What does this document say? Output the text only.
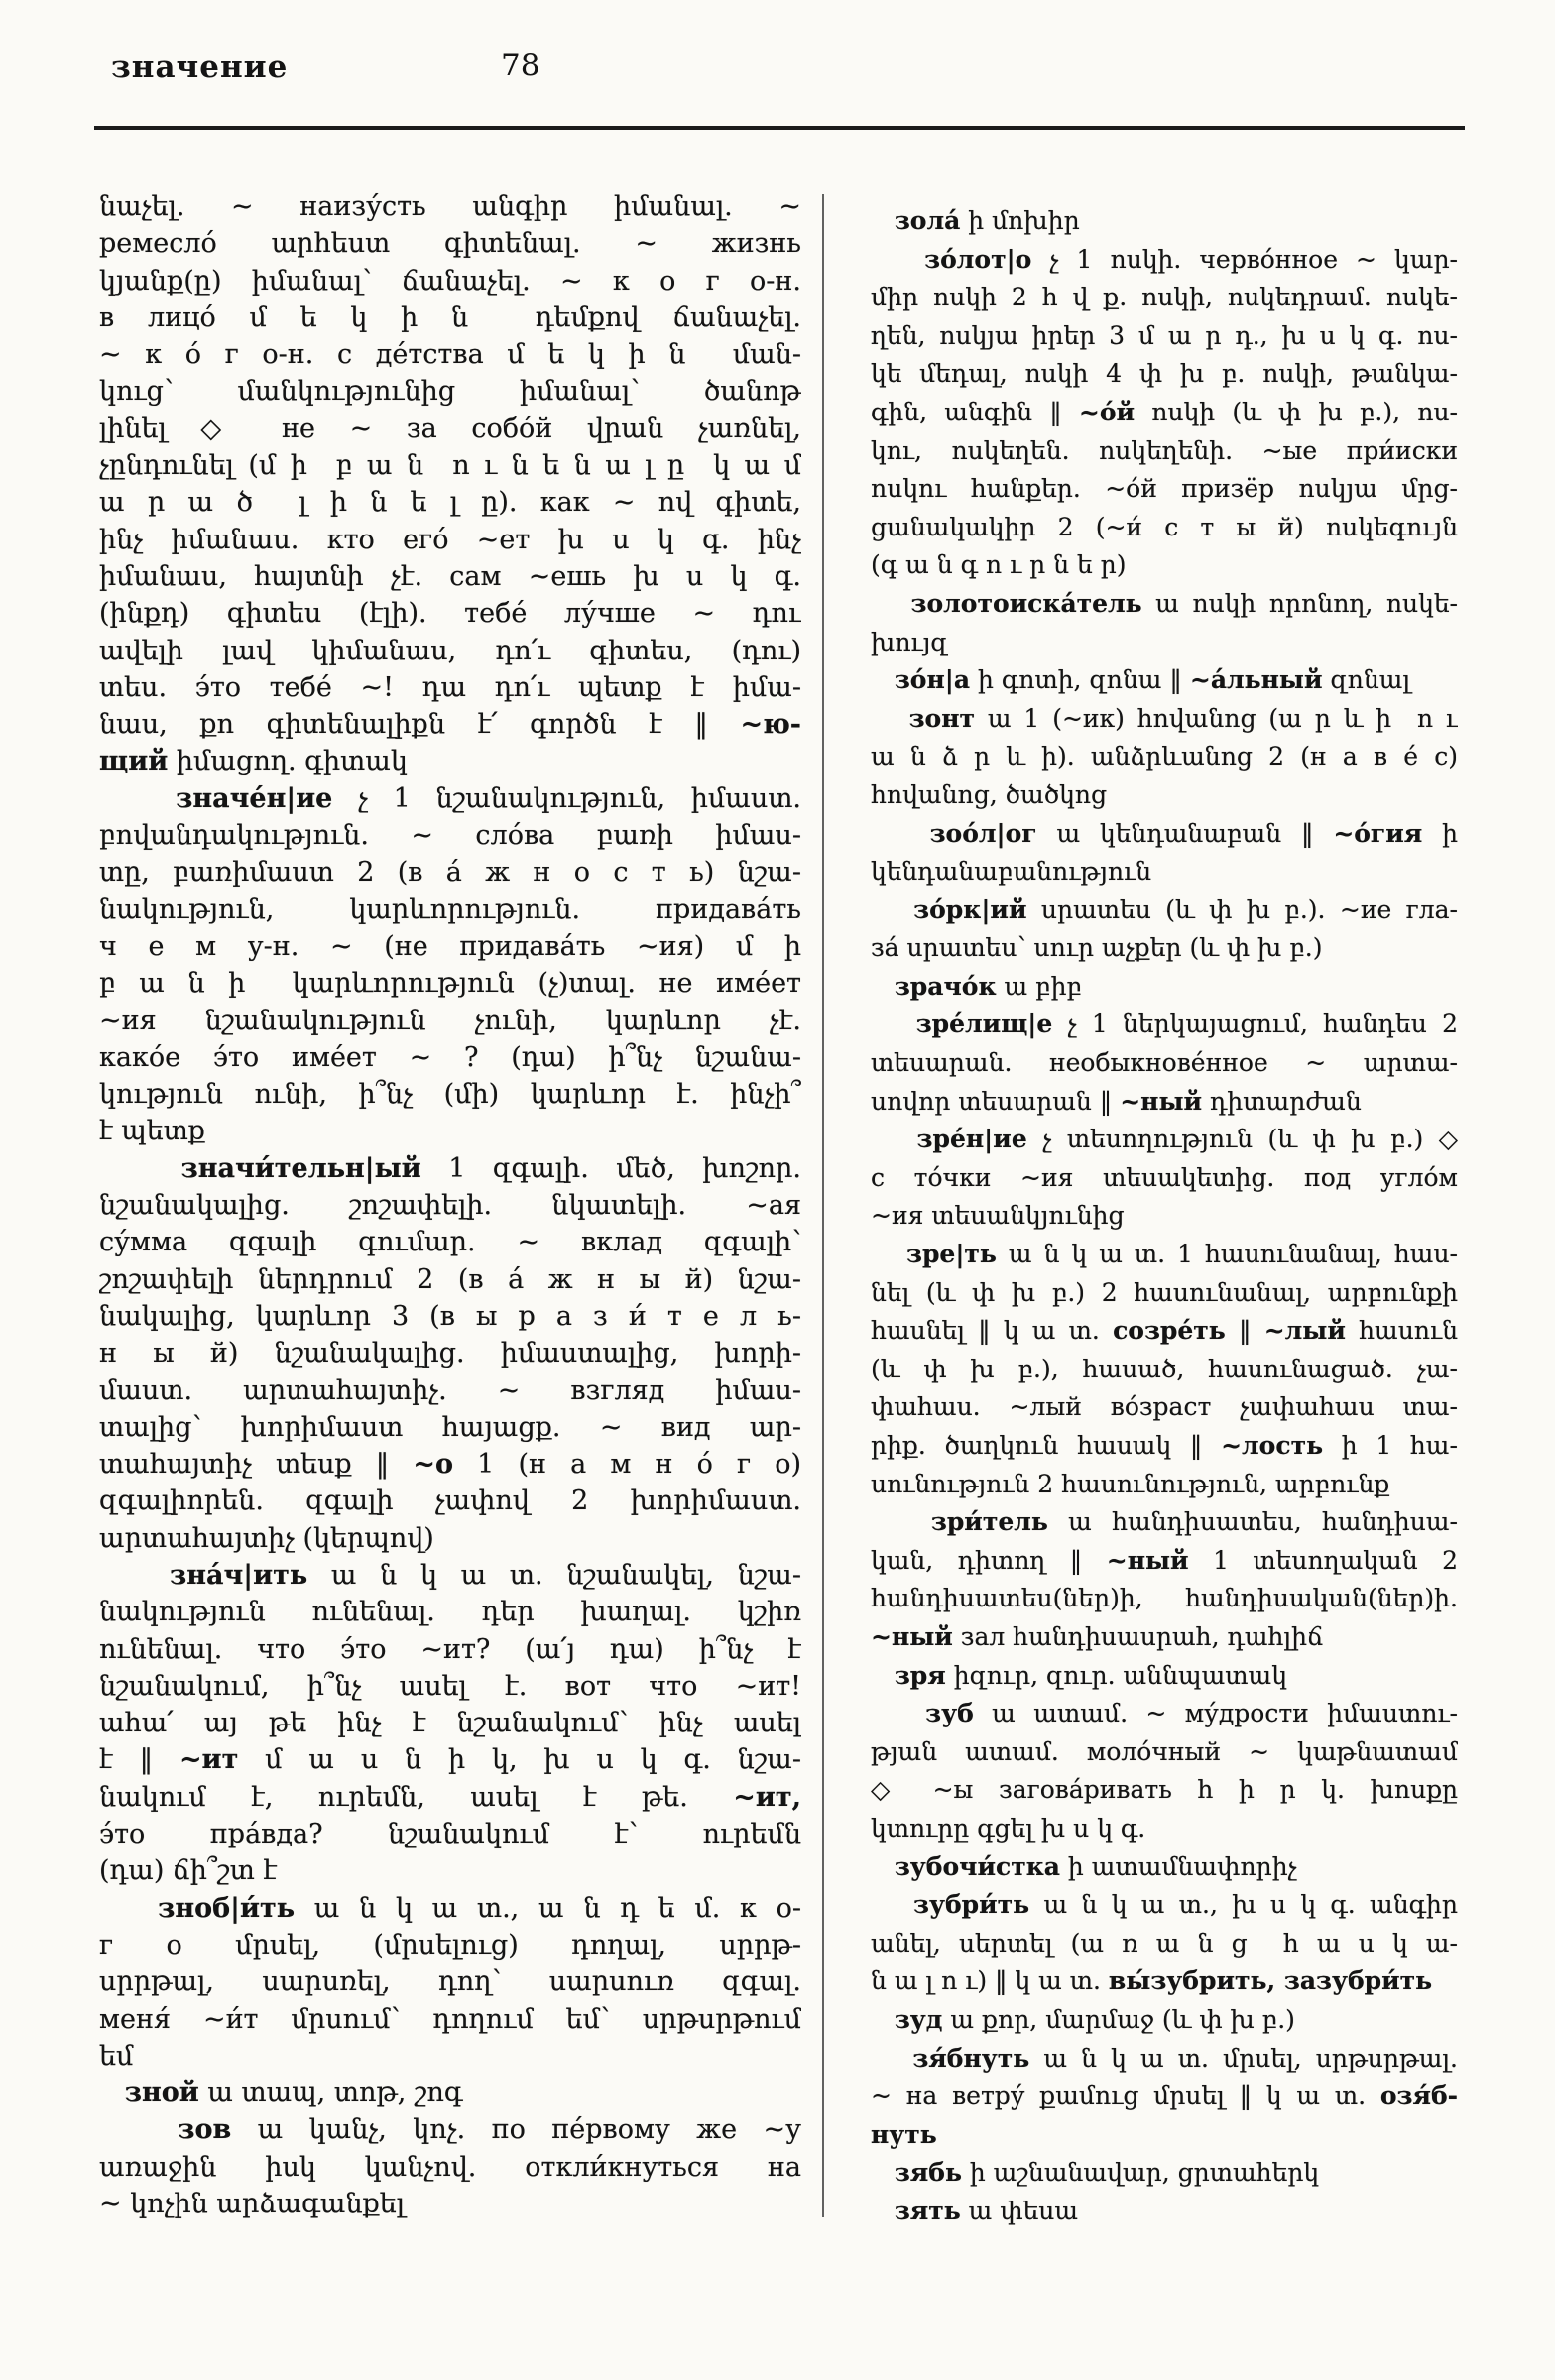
значение	78
նաչել. ~ наизу́сть անգիր իմանալ. ~
ремесло́ արհեստ գիտենալ. ~ жизнь
կյանք(ը) իմանալ՝ ճանաչել. ~ к о г о-н.
в лицо́ մ ե կ ի ն  դեմքով ճանաչել.
~ к о́ г о-н. с де́тства մ ե կ ի ն  ման-
կուց՝ մանկությունից իմանալ՝ ծանոթ
լինել ◇ не ~ за собо́й վրան չառնել,
չընդունել (մ ի  բ ա ն  ո ւ ն ե ն ա լ ը  կ ա մ
ա ր ա ծ  լ ի ն ե լ ը). как ~ ով գիտե,
ինչ իմանաս. кто его́ ~ет խ ս կ գ. ինչ
իմանաս, հայտնի չէ. сам ~ешь խ ս կ գ.
(ինքդ) գիտես (էլի). тебе́ лу́чше ~ դու
ավելի լավ կիմանաս, դո՛ւ գիտես, (դու)
տես. э́то тебе́ ~! դա դո՛ւ պետք է իմա-
նաս, քո գիտենալիքն է՛ գործն է ‖ ~ю-
щий իմացող. գիտակ
значе́н|ие չ 1 նշանակություն, իմաստ.
բովանդակություն. ~ сло́ва բառի իմաս-
տը, բառիմաստ 2 (в а́ ж н о с т ь) նշա-
նակություն, կարևորություն. придава́ть
ч е м у-н. ~ (не придава́ть ~ия) մ ի
բ ա ն ի  կարևորություն (չ)տալ. не име́ет
~ия նշանակություն չունի, կարևոր չէ.
како́е э́то име́ет ~ ? (դա) ի՞նչ նշանա-
կություն ունի, ի՞նչ (մի) կարևոր է. ինչի՞
է պետք
значи́тельн|ый 1 զգալի. մեծ, խոշոր.
նշանակալից. շոշափելի. նկատելի. ~ая
су́мма զգալի գումար. ~ вклад զգալի՝
շոշափելի ներդրում 2 (в а́ ж н ы й) նշա-
նակալից, կարևոր 3 (в ы р а з и́ т е л ь-
н ы й) նշանակալից. իմաստալից, խորի-
մաստ. արտահայտիչ. ~ взгляд իմաս-
տալից՝ խորիմաստ հայացք. ~ вид ար-
տահայտիչ տեսք ‖ ~о 1 (н а м н о́ г о)
զգալիորեն. զգալի չափով 2 խորիմաստ.
արտահայտիչ (կերպով)
зна́ч|ить ա ն կ ա տ. նշանակել, նշա-
նակություն ունենալ. դեր խաղալ. կշիռ
ունենալ. что э́то ~ит? (ա՛յ դա) ի՞նչ է
նշանակում, ի՞նչ ասել է. вот что ~ит!
ահա՛ այ թե ինչ է նշանակում՝ ինչ ասել
է ‖ ~ит մ ա ս ն ի կ, խ ս կ գ. նշա-
նակում է, ուրեմն, ասել է թե. ~ит,
э́то пра́вда? նշանակում է՝ ուրեմն
(դա) ճի՞շտ է
зноб|и́ть ա ն կ ա տ., ա ն դ ե մ. к о-
г о մրսել, (մրսելուց) դողալ, սրրթ-
սրրթալ, սարսռել, դող՝ սարսուռ զգալ.
меня́ ~и́т մրսում՝ դողում եմ՝ սրթսրթում
եմ
зной ա տապ, տոթ, շոգ
зов ա կանչ, կոչ. по пе́рвому же ~у
առաջին իսկ կանչով. откли́кнуться на
~ կոչին արձագանքել
зола́ ի մոխիր
зо́лот|о չ 1 ոսկի. черво́нное ~ կար-
միր ոսկի 2 հ վ ք. ոսկի, ոսկեդրամ. ոսկե-
ղեն, ոսկյա իրեր 3 մ ա ր դ., խ ս կ գ. ոս-
կե մեդալ, ոսկի 4 փ խ բ. ոսկի, թանկա-
գին, անգին ‖ ~о́й ոսկի (և փ խ բ.), ոս-
կու, ոսկեղեն. ոսկեղենի. ~ые при́иски
ոսկու հանքեր. ~о́й призёр ոսկյա մրց-
ցանակակիր 2 (~и́ с т ы й) ոսկեգույն
(գ ա ն գ ո ւ ր ն ե ր)
золотоиска́тель ա ոսկի որոնող, ոսկե-
խույզ
зо́н|а ի գոտի, զոնա ‖ ~а́льный զոնալ
зонт ա 1 (~ик) հովանոց (ա ր և ի  ո ւ
ա ն ձ ր և ի). անձրևանոց 2 (н а в е́ с)
հովանոց, ծածկոց
зоо́л|ог ա կենդանաբան ‖ ~о́гия ի
կենդանաբանություն
зо́рк|ий սրատես (և փ խ բ.). ~ие гла-
за́ սրատես՝ սուր աչքեր (և փ խ բ.)
зрачо́к ա բիբ
зре́лищ|е չ 1 ներկայացում, հանդես 2
տեսարան. необыкнове́нное ~ արտա-
սովոր տեսարան ‖ ~ный դիտարժան
зре́н|ие չ տեսողություն (և փ խ բ.) ◇
с то́чки ~ия տեսակետից. под угло́м
~ия տեսանկյունից
зре|ть ա ն կ ա տ. 1 հասունանալ, հաս-
նել (և փ խ բ.) 2 հասունանալ, արբունքի
հասնել ‖ կ ա տ. созре́ть ‖ ~лый հասուն
(և փ խ բ.), հասած, հասունացած. չա-
փահաս. ~лый во́зраст չափահաս տա-
րիք. ծաղկուն հասակ ‖ ~лость ի 1 հա-
սունություն 2 հասունություն, արբունք
зри́тель ա հանդիսատես, հանդիսա-
կան, դիտող ‖ ~ный 1 տեսողական 2
հանդիսատես(ներ)ի, հանդիսական(ներ)ի.
~ный зал հանդիսասրահ, դահլիճ
зря իզուր, զուր. աննպատակ
зуб ա ատամ. ~ му́дрости իմաստու-
թյան ատամ. моло́чный ~ կաթնատամ
◇ ~ы загова́ривать հ ի ր կ. խոսքը
կտուրը գցել խ ս կ գ.
зубочи́стка ի ատամնափորիչ
зубри́ть ա ն կ ա տ., խ ս կ գ. անգիր
անել, սերտել (ա ռ ա ն ց  հ ա ս կ ա-
ն ա լ ո ւ) ‖ կ ա տ. вы́зубрить, зазубри́ть
зуд ա քոր, մարմաջ (և փ խ բ.)
зя́бнуть ա ն կ ա տ. մրսել, սրթսրթալ.
~ на ветру́ քամուց մրսել ‖ կ ա տ. озя́б-
нуть
зябь ի աշնանավար, ցրտահերկ
зять ա փեսա
